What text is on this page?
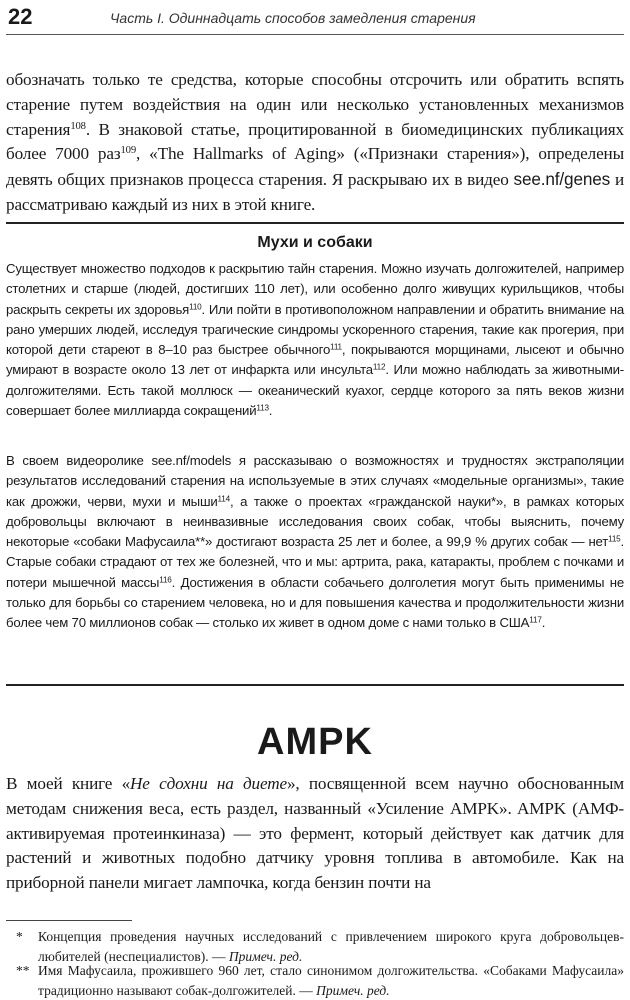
22	Часть I. Одиннадцать способов замедления старения

обозначать только те средства, которые способны отсрочить или обратить вспять старение путем воздействия на один или несколько установленных механизмов старения$^{108}$. В знаковой статье, процитированной в биомедицинских публикациях более 7000 раз$^{109}$, «The Hallmarks of Aging» («Признаки старения»), определены девять общих признаков процесса старения. Я раскрываю их в видео see.nf/genes и рассматриваю каждый из них в этой книге.

Мухи и собаки

Существует множество подходов к раскрытию тайн старения. Можно изучать долгожителей, например столетних и старше (людей, достигших 110 лет), или особенно долго живущих курильщиков, чтобы раскрыть секреты их здоровья$^{110}$. Или пойти в противоположном направлении и обратить внимание на рано умерших людей, исследуя трагические синдромы ускоренного старения, такие как прогерия, при которой дети стареют в 8–10 раз быстрее обычного$^{111}$, покрываются морщинами, лысеют и обычно умирают в возрасте около 13 лет от инфаркта или инсульта$^{112}$. Или можно наблюдать за животными-долгожителями. Есть такой моллюск — океанический куахог, сердце которого за пять веков жизни совершает более миллиарда сокращений$^{113}$.

В своем видеоролике see.nf/models я рассказываю о возможностях и трудностях экстраполяции результатов исследований старения на используемые в этих случаях «модельные организмы», такие как дрожжи, черви, мухи и мыши$^{114}$, а также о проектах «гражданской науки*», в рамках которых добровольцы включают в неинвазивные исследования своих собак, чтобы выяснить, почему некоторые «собаки Мафусаила**» достигают возраста 25 лет и более, а 99,9 % других собак — нет$^{115}$. Старые собаки страдают от тех же болезней, что и мы: артрита, рака, катаракты, проблем с почками и потери мышечной массы$^{116}$. Достижения в области собачьего долголетия могут быть применимы не только для борьбы со старением человека, но и для повышения качества и продолжительности жизни более чем 70 миллионов собак — столько их живет в одном доме с нами только в США$^{117}$.

AMPK

В моей книге «Не сдохни на диете», посвященной всем научно обоснованным методам снижения веса, есть раздел, названный «Усиление AMPK». AMPK (АМФ-активируемая протеинкиназа) — это фермент, который действует как датчик для растений и животных подобно датчику уровня топлива в автомобиле. Как на приборной панели мигает лампочка, когда бензин почти на

*	Концепция проведения научных исследований с привлечением широкого круга добровольцев-любителей (неспециалистов). — Примеч. ред.
** Имя Мафусаила, прожившего 960 лет, стало синонимом долгожительства. «Собаками Мафусаила» традиционно называют собак-долгожителей. — Примеч. ред.
